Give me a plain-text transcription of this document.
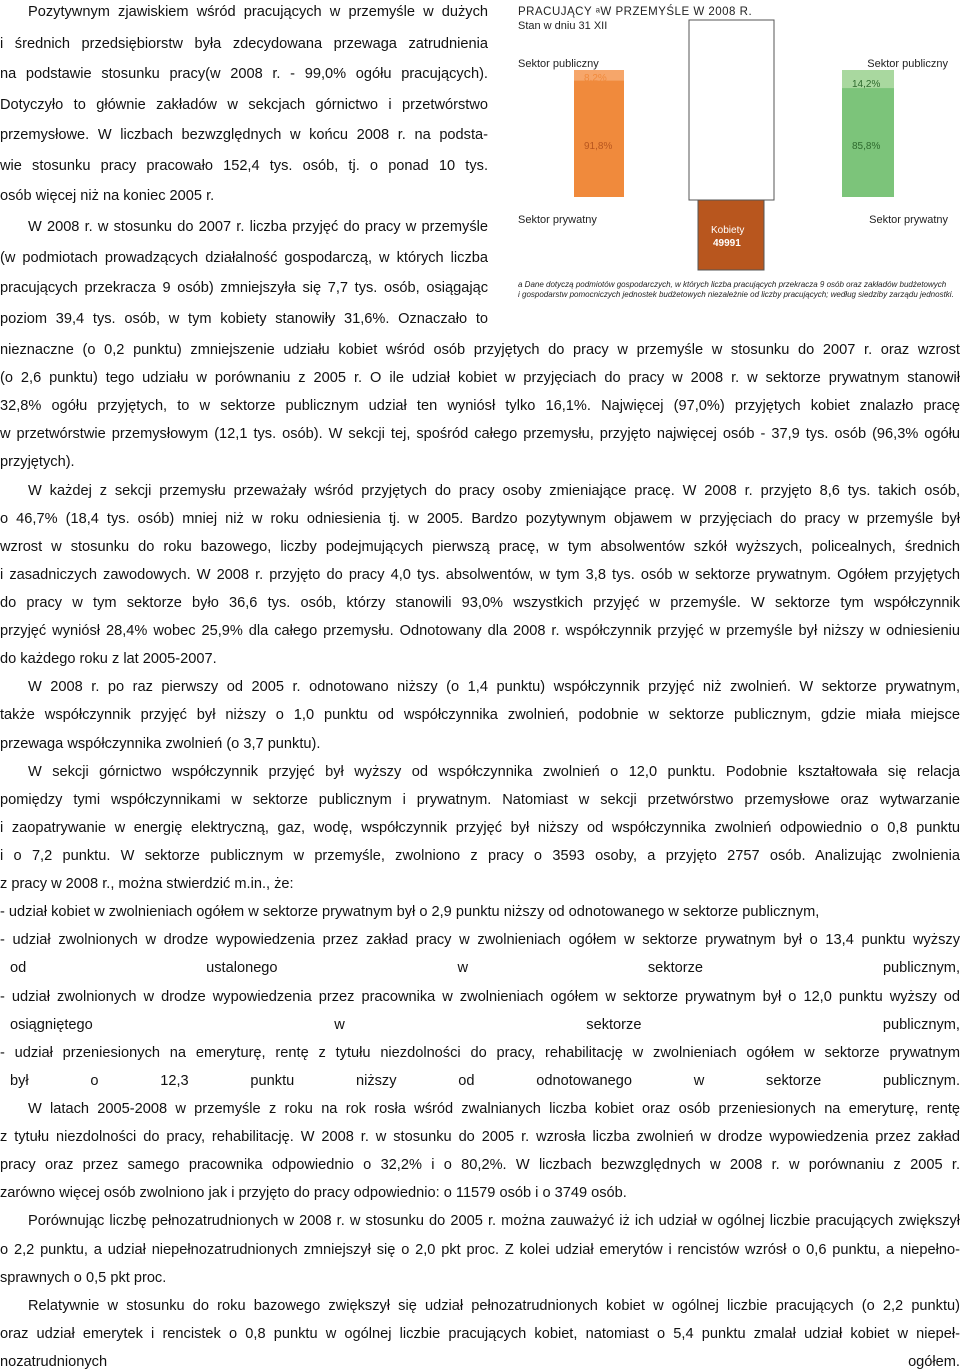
Pozytywnym zjawiskiem wśród pracujących w przemyśle w dużych
i średnich przedsiębiorstw była zdecydowana przewaga zatrudnienia
na podstawie stosunku pracy(w 2008 r. - 99,0% ogółu pracujących).
Dotyczyło to głównie zakładów w sekcjach górnictwo i przetwórstwo
przemysłowe. W liczbach bezwzględnych w końcu 2008 r. na podsta-
wie stosunku pracy pracowało 152,4 tys. osób, tj. o ponad 10 tys.
osób więcej niż na koniec 2005 r.
W 2008 r. w stosunku do 2007 r. liczba przyjęć do pracy w przemyśle
(w podmiotach prowadzących działalność gospodarczą, w których liczba
pracujących przekracza 9 osób) zmniejszyła się 7,7 tys. osób, osiągając
poziom 39,4 tys. osób, w tym kobiety stanowiły 31,6%. Oznaczało to
PRACUJĄCY ᵃW PRZEMYŚLE W 2008 R.
Stan w dniu 31 XII
Sektor publiczny	Sektor publiczny
Sektor prywatny	Sektor prywatny
8,2%
91,8%
14,2%
85,8%
Ogółem
153946
Kobiety
49991
a Dane dotyczą podmiotów gospodarczych, w których liczba pracujących przekracza 9 osób oraz zakładów budżetowych
i gospodarstw pomocniczych jednostek budżetowych niezależnie od liczby pracujących; według siedziby zarządu jednostki.
nieznaczne (o 0,2 punktu) zmniejszenie udziału kobiet wśród osób przyjętych do pracy w przemyśle w stosunku do 2007 r. oraz wzrost
(o 2,6 punktu) tego udziału w porównaniu z 2005 r. O ile udział kobiet w przyjęciach do pracy w 2008 r. w sektorze prywatnym stanowił
32,8% ogółu przyjętych, to w sektorze publicznym udział ten wyniósł tylko 16,1%. Najwięcej (97,0%) przyjętych kobiet znalazło pracę
w przetwórstwie przemysłowym (12,1 tys. osób). W sekcji tej, spośród całego przemysłu, przyjęto najwięcej osób - 37,9 tys. osób (96,3% ogółu
przyjętych).
W każdej z sekcji przemysłu przeważały wśród przyjętych do pracy osoby zmieniające pracę. W 2008 r. przyjęto 8,6 tys. takich osób,
o 46,7% (18,4 tys. osób) mniej niż w roku odniesienia tj. w 2005. Bardzo pozytywnym objawem w przyjęciach do pracy w przemyśle był
wzrost w stosunku do roku bazowego, liczby podejmujących pierwszą pracę, w tym absolwentów szkół wyższych, policealnych, średnich
i zasadniczych zawodowych. W 2008 r. przyjęto do pracy 4,0 tys. absolwentów, w tym 3,8 tys. osób w sektorze prywatnym. Ogółem przyjętych
do pracy w tym sektorze było 36,6 tys. osób, którzy stanowili 93,0% wszystkich przyjęć w przemyśle. W sektorze tym współczynnik
przyjęć wyniósł 28,4% wobec 25,9% dla całego przemysłu. Odnotowany dla 2008 r. współczynnik przyjęć w przemyśle był niższy w odniesieniu
do każdego roku z lat 2005-2007.
W 2008 r. po raz pierwszy od 2005 r. odnotowano niższy (o 1,4 punktu) współczynnik przyjęć niż zwolnień. W sektorze prywatnym,
także współczynnik przyjęć był niższy o 1,0 punktu od współczynnika zwolnień, podobnie w sektorze publicznym, gdzie miała miejsce
przewaga współczynnika zwolnień (o 3,7 punktu).
W sekcji górnictwo współczynnik przyjęć był wyższy od współczynnika zwolnień o 12,0 punktu. Podobnie kształtowała się relacja
pomiędzy tymi współczynnikami w sektorze publicznym i prywatnym. Natomiast w sekcji przetwórstwo przemysłowe oraz wytwarzanie
i zaopatrywanie w energię elektryczną, gaz, wodę, współczynnik przyjęć był niższy od współczynnika zwolnień odpowiednio o 0,8 punktu
i o 7,2 punktu. W sektorze publicznym w przemyśle, zwolniono z pracy o 3593 osoby, a przyjęto 2757 osób. Analizując zwolnienia
z pracy w 2008 r., można stwierdzić m.in., że:
- udział kobiet w zwolnieniach ogółem w sektorze prywatnym był o 2,9 punktu niższy od odnotowanego w sektorze publicznym,
- udział zwolnionych w drodze wypowiedzenia przez zakład pracy w zwolnieniach ogółem w sektorze prywatnym był o 13,4 punktu wyższy
od ustalonego w sektorze publicznym,
- udział zwolnionych w drodze wypowiedzenia przez pracownika w zwolnieniach ogółem w sektorze prywatnym był o 12,0 punktu wyższy od
osiągniętego w sektorze publicznym,
- udział przeniesionych na emeryturę, rentę z tytułu niezdolności do pracy, rehabilitację w zwolnieniach ogółem w sektorze prywatnym
był o 12,3 punktu niższy od odnotowanego w sektorze publicznym.
W latach 2005-2008 w przemyśle z roku na rok rosła wśród zwalnianych liczba kobiet oraz osób przeniesionych na emeryturę, rentę
z tytułu niezdolności do pracy, rehabilitację. W 2008 r. w stosunku do 2005 r. wzrosła liczba zwolnień w drodze wypowiedzenia przez zakład
pracy oraz przez samego pracownika odpowiednio o 32,2% i o 80,2%. W liczbach bezwzględnych w 2008 r. w porównaniu z 2005 r.
zarówno więcej osób zwolniono jak i przyjęto do pracy odpowiednio: o 11579 osób i o 3749 osób.
Porównując liczbę pełnozatrudnionych w 2008 r. w stosunku do 2005 r. można zauważyć iż ich udział w ogólnej liczbie pracujących zwiększył
o 2,2 punktu, a udział niepełnozatrudnionych zmniejszył się o 2,0 pkt proc. Z kolei udział emerytów i rencistów wzrósł o 0,6 punktu, a niepełno-
sprawnych o 0,5 pkt proc.
Relatywnie w stosunku do roku bazowego zwiększył się udział pełnozatrudnionych kobiet w ogólnej liczbie pracujących (o 2,2 punktu)
oraz udział emerytek i rencistek o 0,8 punktu w ogólnej liczbie pracujących kobiet, natomiast o 5,4 punktu zmalał udział kobiet w niepeł-
nozatrudnionych ogółem.
